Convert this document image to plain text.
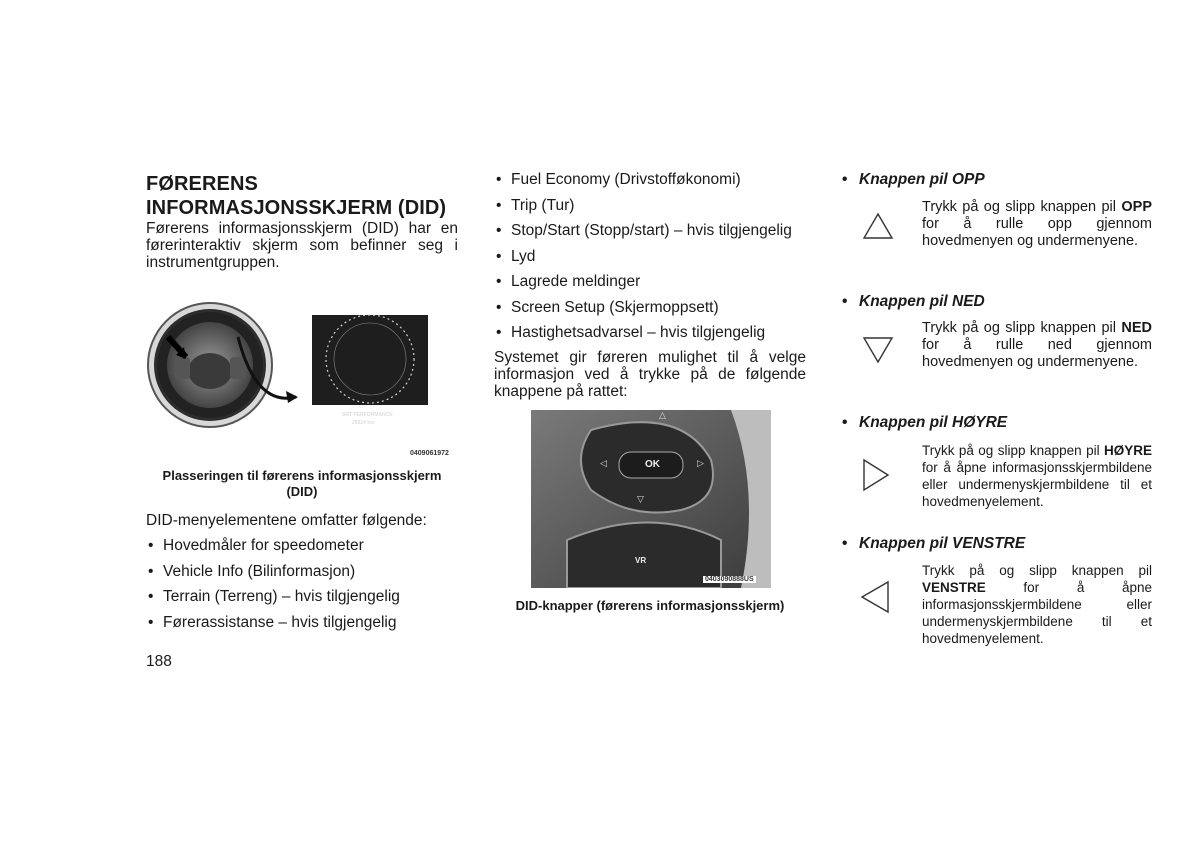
FØRERENS
INFORMASJONSSKJERM (DID)

Førerens informasjonsskjerm (DID) har en førerinteraktiv skjerm som befinner seg i instrumentgruppen.

SRT PERFORMANCE
25024 km
0409061972
Plasseringen til førerens informasjonsskjerm
(DID)

DID-menyelementene omfatter følgende:

• Hovedmåler for speedometer
• Vehicle Info (Bilinformasjon)
• Terrain (Terreng) – hvis tilgjengelig
• Førerassistanse – hvis tilgjengelig
• Fuel Economy (Drivstofføkonomi)
• Trip (Tur)
• Stop/Start (Stopp/start) – hvis tilgjengelig
• Lyd
• Lagrede meldinger
• Screen Setup (Skjermoppsett)
• Hastighetsadvarsel – hvis tilgjengelig

Systemet gir føreren mulighet til å velge informasjon ved å trykke på de følgende knappene på rattet:

△
◁	▷
▽
OK
VR
0403090888US
DID-knapper (førerens informasjonsskjerm)
• Knappen pil OPP
Trykk på og slipp knappen pil OPP for å rulle opp gjennom hovedmenyen og undermenyene.
• Knappen pil NED
Trykk på og slipp knappen pil NED for å rulle ned gjennom hovedmenyen og undermenyene.
• Knappen pil HØYRE
Trykk på og slipp knappen pil HØYRE for å åpne informasjonsskjermbildene eller undermenyskjermbildene til et hovedmenyelement.
• Knappen pil VENSTRE
Trykk på og slipp knappen pil VENSTRE for å åpne informasjonsskjermbildene eller undermenyskjermbildene til et hovedmenyelement.
188
